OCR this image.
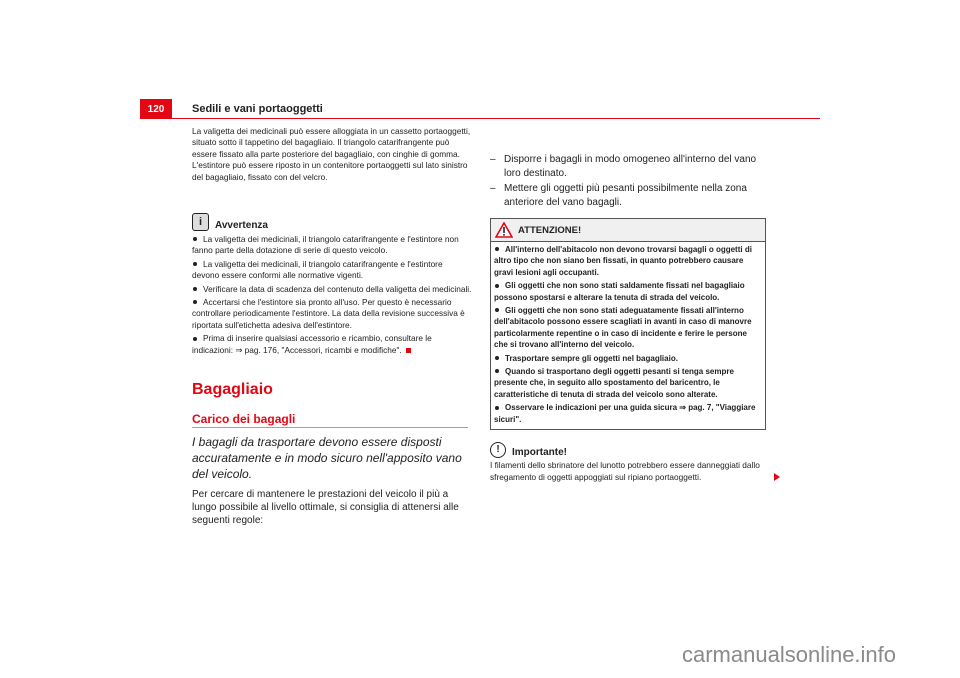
120	Sedili e vani portaoggetti

La valigetta dei medicinali può essere alloggiata in un cassetto portaoggetti, situato sotto il tappetino del bagagliaio. Il triangolo catarifrangente può essere fissato alla parte posteriore del bagagliaio, con cinghie di gomma. L'estintore può essere riposto in un contenitore portaoggetti sul lato sinistro del bagagliaio, fissato con del velcro.

i	Avvertenza

La valigetta dei medicinali, il triangolo catarifrangente e l'estintore non fanno parte della dotazione di serie di questo veicolo.

La valigetta dei medicinali, il triangolo catarifrangente e l'estintore devono essere conformi alle normative vigenti.

Verificare la data di scadenza del contenuto della valigetta dei medicinali.

Accertarsi che l'estintore sia pronto all'uso. Per questo è necessario controllare periodicamente l'estintore. La data della revisione successiva è riportata sull'etichetta adesiva dell'estintore.

Prima di inserire qualsiasi accessorio e ricambio, consultare le indicazioni: ⇒ pag. 176, "Accessori, ricambi e modifiche".

Bagagliaio
Carico dei bagagli

I bagagli da trasportare devono essere disposti accuratamente e in modo sicuro nell'apposito vano del veicolo.

Per cercare di mantenere le prestazioni del veicolo il più a lungo possibile al livello ottimale, si consiglia di attenersi alle seguenti regole:

– Disporre i bagagli in modo omogeneo all'interno del vano loro destinato.
– Mettere gli oggetti più pesanti possibilmente nella zona anteriore del vano bagagli.
ATTENZIONE!

All'interno dell'abitacolo non devono trovarsi bagagli o oggetti di altro tipo che non siano ben fissati, in quanto potrebbero causare gravi lesioni agli occupanti.

Gli oggetti che non sono stati saldamente fissati nel bagagliaio possono spostarsi e alterare la tenuta di strada del veicolo.

Gli oggetti che non sono stati adeguatamente fissati all'interno dell'abitacolo possono essere scagliati in avanti in caso di manovre particolarmente repentine o in caso di incidente e ferire le persone che si trovano all'interno del veicolo.

Trasportare sempre gli oggetti nel bagagliaio.

Quando si trasportano degli oggetti pesanti si tenga sempre presente che, in seguito allo spostamento del baricentro, le caratteristiche di tenuta di strada del veicolo sono alterate.

Osservare le indicazioni per una guida sicura ⇒ pag. 7, "Viaggiare sicuri".

!	Importante!

I filamenti dello sbrinatore del lunotto potrebbero essere danneggiati dallo sfregamento di oggetti appoggiati sul ripiano portaoggetti.

carmanualsonline.info
